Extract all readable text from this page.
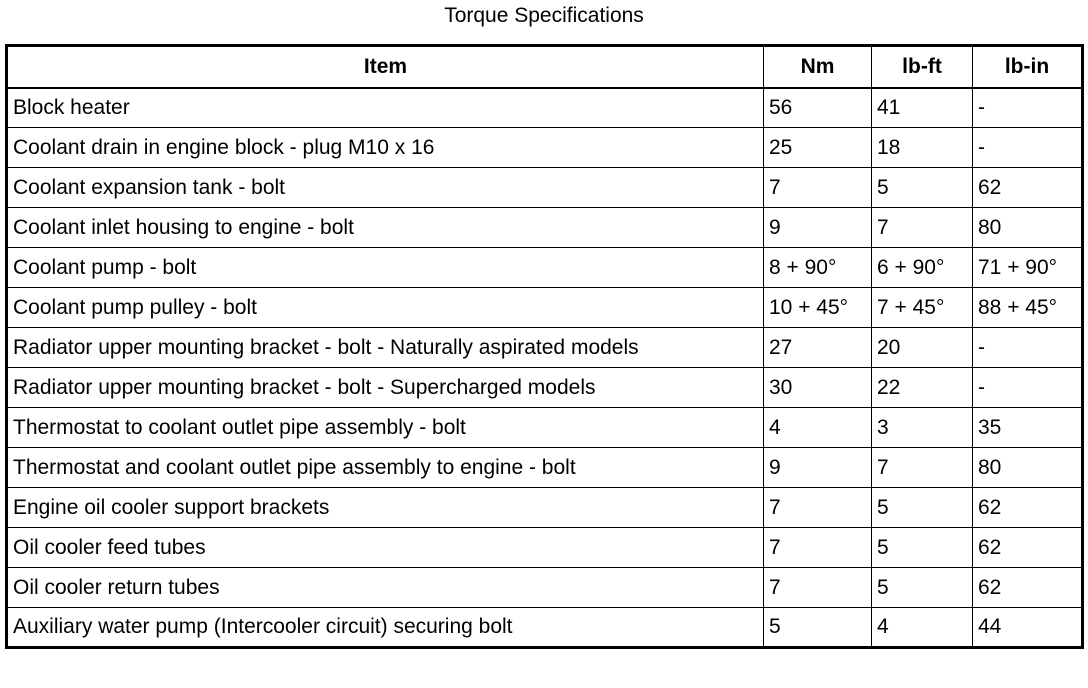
Torque Specifications
Item	Nm	lb-ft	lb-in
Block heater	56	41	-
Coolant drain in engine block - plug M10 x 16	25	18	-
Coolant expansion tank - bolt	7	5	62
Coolant inlet housing to engine - bolt	9	7	80
Coolant pump - bolt	8 + 90°	6 + 90°	71 + 90°
Coolant pump pulley - bolt	10 + 45°	7 + 45°	88 + 45°
Radiator upper mounting bracket - bolt - Naturally aspirated models	27	20	-
Radiator upper mounting bracket - bolt - Supercharged models	30	22	-
Thermostat to coolant outlet pipe assembly - bolt	4	3	35
Thermostat and coolant outlet pipe assembly to engine - bolt	9	7	80
Engine oil cooler support brackets	7	5	62
Oil cooler feed tubes	7	5	62
Oil cooler return tubes	7	5	62
Auxiliary water pump (Intercooler circuit) securing bolt	5	4	44
